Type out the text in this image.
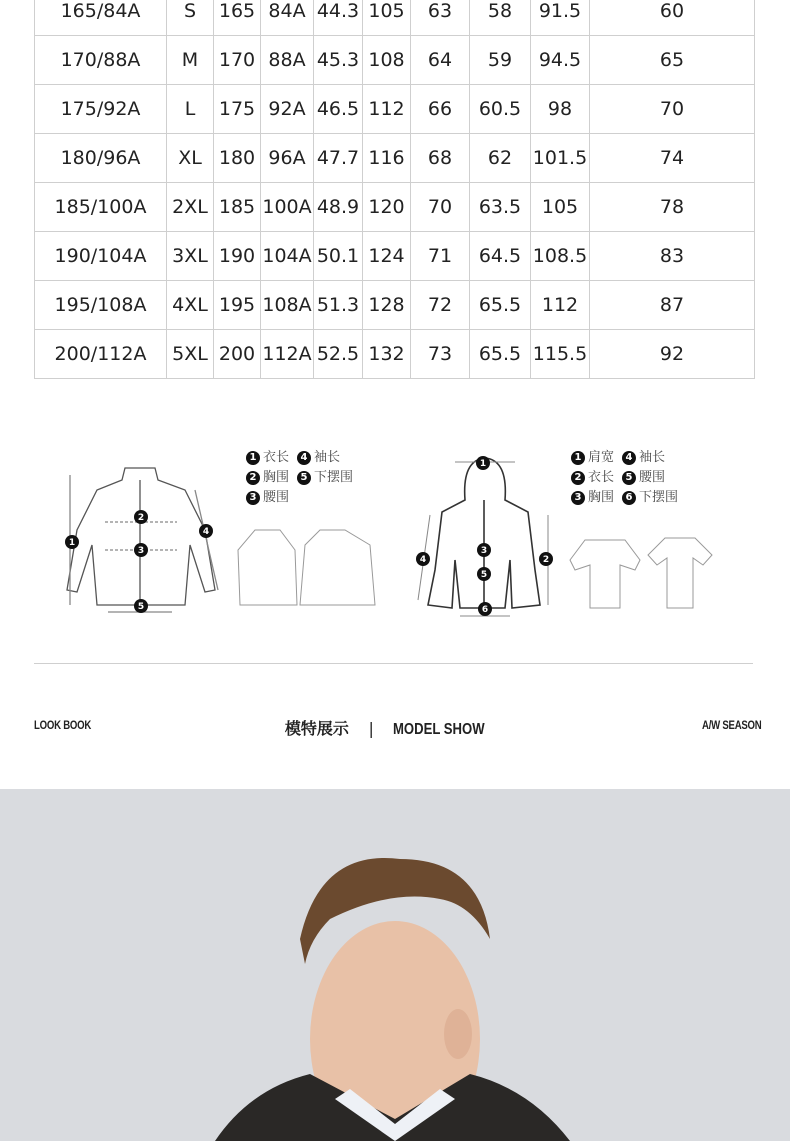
165/84A	S	165	84A	44.3	105	63	58	91.5	60
170/88A	M	170	88A	45.3	108	64	59	94.5	65
175/92A	L	175	92A	46.5	112	66	60.5	98	70
180/96A	XL	180	96A	47.7	116	68	62	101.5	74
185/100A	2XL	185	100A	48.9	120	70	63.5	105	78
190/104A	3XL	190	104A	50.1	124	71	64.5	108.5	83
195/108A	4XL	195	108A	51.3	128	72	65.5	112	87
200/112A	5XL	200	112A	52.5	132	73	65.5	115.5	92
1
2
3
4
5
1
2
3
4
5
6
1 衣长	4 袖长
2 胸围	5 下摆围
3 腰围
1 肩宽	4 袖长
2 衣长	5 腰围
3 胸围	6 下摆围
LOOK BOOK	模特展示 | MODEL SHOW	A/W SEASON
